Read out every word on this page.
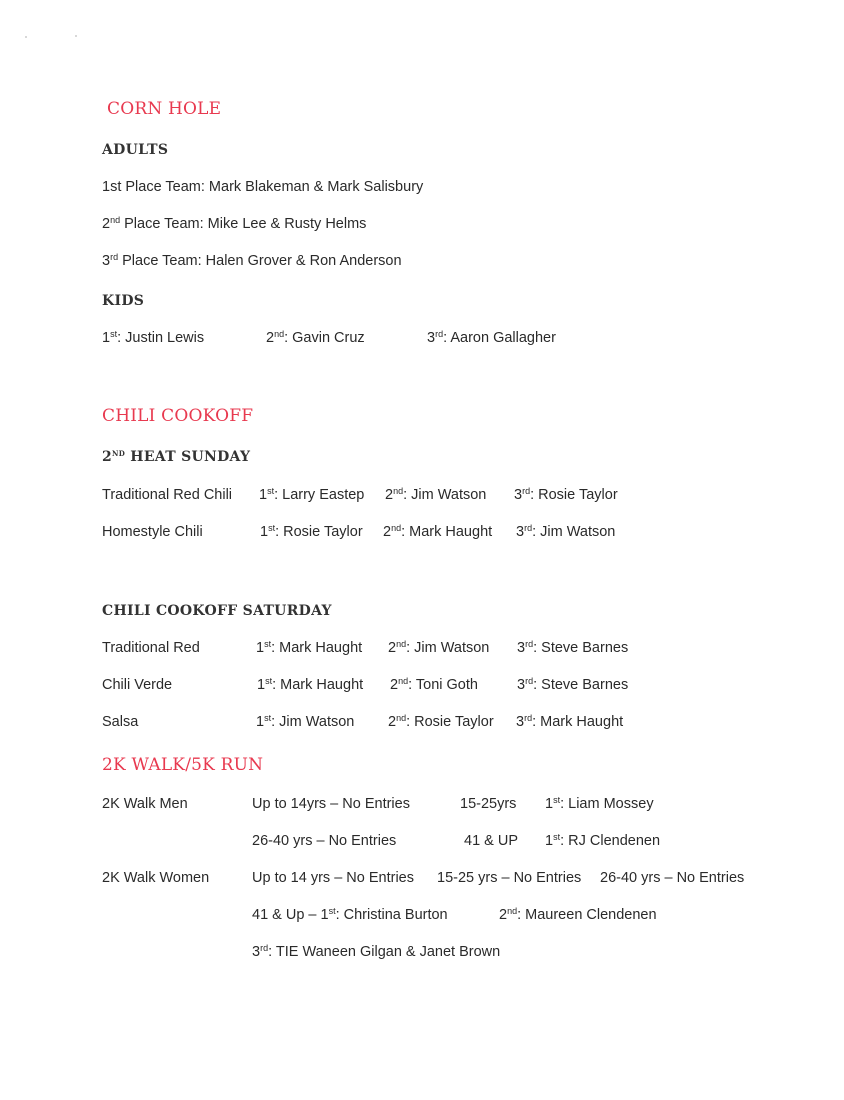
CORN HOLE
ADULTS
1st Place Team: Mark Blakeman & Mark Salisbury
2nd Place Team: Mike Lee & Rusty Helms
3rd Place Team: Halen Grover & Ron Anderson
KIDS
1st: Justin Lewis	2nd: Gavin Cruz	3rd: Aaron Gallagher
CHILI COOKOFF
2ND HEAT SUNDAY
Traditional Red Chili 1st: Larry Eastep 2nd: Jim Watson 3rd: Rosie Taylor
Homestyle Chili	1st: Rosie Taylor 2nd: Mark Haught 3rd: Jim Watson
CHILI COOKOFF SATURDAY
Traditional Red	1st: Mark Haught 2nd: Jim Watson 3rd: Steve Barnes
Chili Verde	1st: Mark Haught 2nd: Toni Goth	3rd: Steve Barnes
Salsa	1st: Jim Watson 2nd: Rosie Taylor 3rd: Mark Haught
2K WALK/5K RUN
2K Walk Men	Up to 14yrs – No Entries	15-25yrs 1st: Liam Mossey
26-40 yrs – No Entries	41 & UP 1st: RJ Clendenen
2K Walk Women	Up to 14 yrs – No Entries 15-25 yrs – No Entries 26-40 yrs – No Entries
41 & Up – 1st: Christina Burton	2nd: Maureen Clendenen
3rd: TIE Waneen Gilgan & Janet Brown
